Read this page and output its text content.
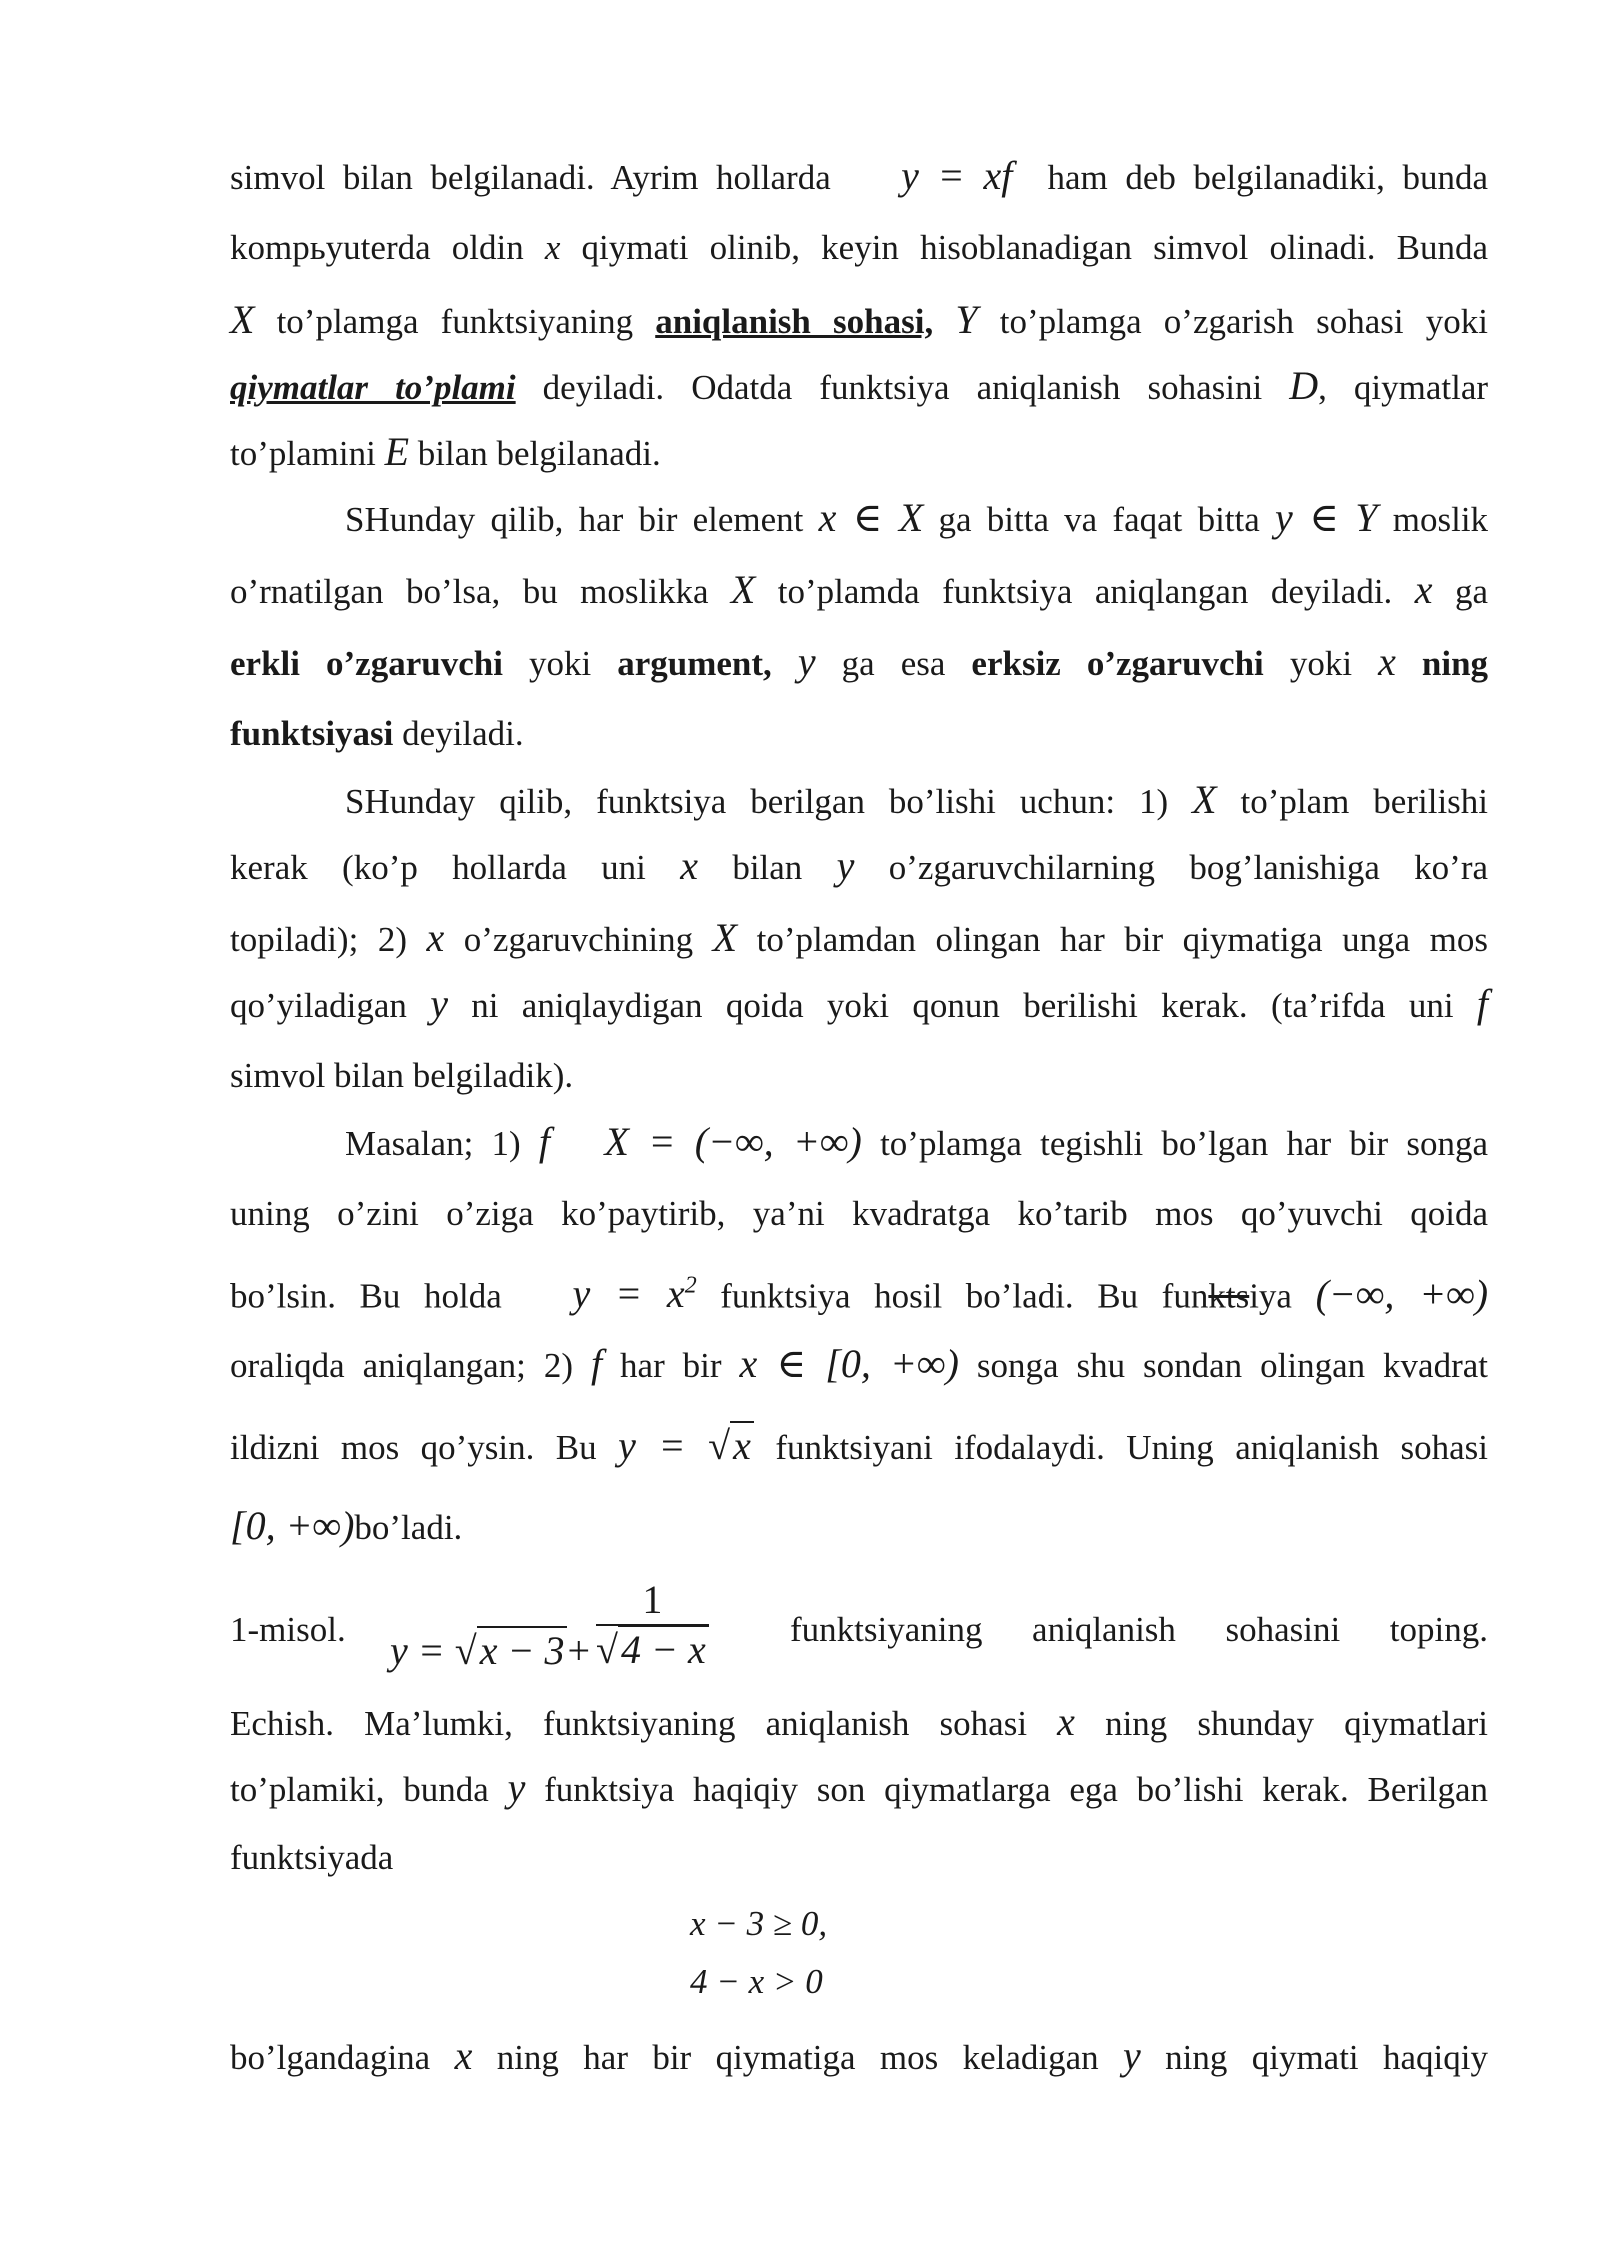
simvol bilan belgilanadi. Ayrim hollarda y = xf ham deb belgilanadiki, bunda
kompьyuterda oldin x qiymati olinib, keyin hisoblanadigan simvol olinadi. Bunda
X to’plamga funktsiyaning aniqlanish sohasi, Y to’plamga o’zgarish sohasi yoki
qiymatlar to’plami deyiladi. Odatda funktsiya aniqlanish sohasini D, qiymatlar
to’plamini E bilan belgilanadi.
SHunday qilib, har bir element x ∈ X ga bitta va faqat bitta y ∈ Y moslik
o’rnatilgan bo’lsa, bu moslikka X to’plamda funktsiya aniqlangan deyiladi. x ga
erkli o’zgaruvchi yoki argument, y ga esa erksiz o’zgaruvchi yoki x ning
funktsiyasi deyiladi.
SHunday qilib, funktsiya berilgan bo’lishi uchun: 1) X to’plam berilishi
kerak (ko’p hollarda uni x bilan y o’zgaruvchilarning bog’lanishiga ko’ra
topiladi); 2) x o’zgaruvchining X to’plamdan olingan har bir qiymatiga unga mos
qo’yiladigan y ni aniqlaydigan qoida yoki qonun berilishi kerak. (ta’rifda uni f
simvol bilan belgiladik).
Masalan; 1) f X = (−∞, +∞) to’plamga tegishli bo’lgan har bir songa
uning o’zini o’ziga ko’paytirib, ya’ni kvadratga ko’tarib mos qo’yuvchi qoida
bo’lsin. Bu holda $y = x^2$ funktsiya hosil bo’ladi. Bu funktsiya (−∞, +∞)
oraliqda aniqlangan; 2) f har bir x ∈ [0, +∞) songa shu sondan olingan kvadrat
ildizni mos qo’ysin. Bu y = √x funktsiyani ifodalaydi. Uning aniqlanish sohasi
[0, +∞)bo’ladi.
1-misol. $y = √x - 3+ \frac{1}{√4 - x}$ funktsiyaning aniqlanish sohasini toping.
Echish. Ma’lumki, funktsiyaning aniqlanish sohasi x ning shunday qiymatlari
to’plamiki, bunda y funktsiya haqiqiy son qiymatlarga ega bo’lishi kerak. Berilgan
funktsiyada
x − 3 ≥ 0,
4 − x > 0
bo’lgandagina x ning har bir qiymatiga mos keladigan y ning qiymati haqiqiy
